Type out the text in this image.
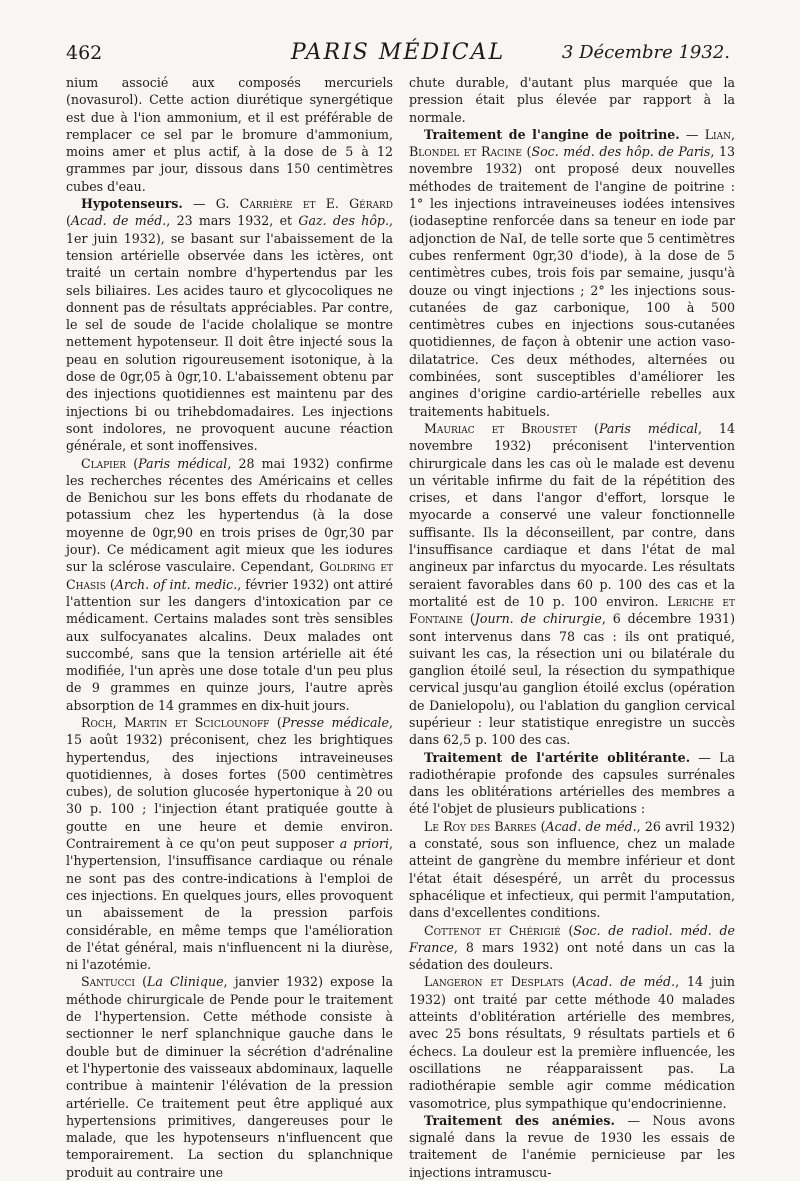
462	PARIS MÉDICAL	3 Décembre 1932.

nium associé aux composés mercuriels (novasurol). Cette action diurétique synergétique est due à l'ion ammonium, et il est préférable de remplacer ce sel par le bromure d'ammonium, moins amer et plus actif, à la dose de 5 à 12 grammes par jour, dissous dans 150 centimètres cubes d'eau.

Hypotenseurs. — G. Carrière et E. Gérard (Acad. de méd., 23 mars 1932, et Gaz. des hôp., 1er juin 1932), se basant sur l'abaissement de la tension artérielle observée dans les ictères, ont traité un certain nombre d'hypertendus par les sels biliaires. Les acides tauro et glycocoliques ne donnent pas de résultats appréciables. Par contre, le sel de soude de l'acide cholalique se montre nettement hypotenseur. Il doit être injecté sous la peau en solution rigoureusement isotonique, à la dose de 0gr,05 à 0gr,10. L'abaissement obtenu par des injections quotidiennes est maintenu par des injections bi ou trihebdomadaires. Les injections sont indolores, ne provoquent aucune réaction générale, et sont inoffensives.

Clapier (Paris médical, 28 mai 1932) confirme les recherches récentes des Américains et celles de Benichou sur les bons effets du rhodanate de potassium chez les hypertendus (à la dose moyenne de 0gr,90 en trois prises de 0gr,30 par jour). Ce médicament agit mieux que les iodures sur la sclérose vasculaire. Cependant, Goldring et Chasis (Arch. of int. medic., février 1932) ont attiré l'attention sur les dangers d'intoxication par ce médicament. Certains malades sont très sensibles aux sulfocyanates alcalins. Deux malades ont succombé, sans que la tension artérielle ait été modifiée, l'un après une dose totale d'un peu plus de 9 grammes en quinze jours, l'autre après absorption de 14 grammes en dix-huit jours.

Roch, Martin et Sciclounoff (Presse médicale, 15 août 1932) préconisent, chez les brightiques hypertendus, des injections intraveineuses quotidiennes, à doses fortes (500 centimètres cubes), de solution glucosée hypertonique à 20 ou 30 p. 100 ; l'injection étant pratiquée goutte à goutte en une heure et demie environ. Contrairement à ce qu'on peut supposer a priori, l'hypertension, l'insuffisance cardiaque ou rénale ne sont pas des contre-indications à l'emploi de ces injections. En quelques jours, elles provoquent un abaissement de la pression parfois considérable, en même temps que l'amélioration de l'état général, mais n'influencent ni la diurèse, ni l'azotémie.

Santucci (La Clinique, janvier 1932) expose la méthode chirurgicale de Pende pour le traitement de l'hypertension. Cette méthode consiste à sectionner le nerf splanchnique gauche dans le double but de diminuer la sécrétion d'adrénaline et l'hypertonie des vaisseaux abdominaux, laquelle contribue à maintenir l'élévation de la pression artérielle. Ce traitement peut être appliqué aux hypertensions primitives, dangereuses pour le malade, que les hypotenseurs n'influencent que temporairement. La section du splanchnique produit au contraire une

chute durable, d'autant plus marquée que la pression était plus élevée par rapport à la normale.

Traitement de l'angine de poitrine. — Lian, Blondel et Racine (Soc. méd. des hôp. de Paris, 13 novembre 1932) ont proposé deux nouvelles méthodes de traitement de l'angine de poitrine : 1° les injections intraveineuses iodées intensives (iodaseptine renforcée dans sa teneur en iode par adjonction de NaI, de telle sorte que 5 centimètres cubes renferment 0gr,30 d'iode), à la dose de 5 centimètres cubes, trois fois par semaine, jusqu'à douze ou vingt injections ; 2° les injections sous-cutanées de gaz carbonique, 100 à 500 centimètres cubes en injections sous-cutanées quotidiennes, de façon à obtenir une action vaso-dilatatrice. Ces deux méthodes, alternées ou combinées, sont susceptibles d'améliorer les angines d'origine cardio-artérielle rebelles aux traitements habituels.

Mauriac et Broustet (Paris médical, 14 novembre 1932) préconisent l'intervention chirurgicale dans les cas où le malade est devenu un véritable infirme du fait de la répétition des crises, et dans l'angor d'effort, lorsque le myocarde a conservé une valeur fonctionnelle suffisante. Ils la déconseillent, par contre, dans l'insuffisance cardiaque et dans l'état de mal angineux par infarctus du myocarde. Les résultats seraient favorables dans 60 p. 100 des cas et la mortalité est de 10 p. 100 environ. Leriche et Fontaine (Journ. de chirurgie, 6 décembre 1931) sont intervenus dans 78 cas : ils ont pratiqué, suivant les cas, la résection uni ou bilatérale du ganglion étoilé seul, la résection du sympathique cervical jusqu'au ganglion étoilé exclus (opération de Danielopolu), ou l'ablation du ganglion cervical supérieur : leur statistique enregistre un succès dans 62,5 p. 100 des cas.

Traitement de l'artérite oblitérante. — La radiothérapie profonde des capsules surrénales dans les oblitérations artérielles des membres a été l'objet de plusieurs publications :

Le Roy des Barres (Acad. de méd., 26 avril 1932) a constaté, sous son influence, chez un malade atteint de gangrène du membre inférieur et dont l'état était désespéré, un arrêt du processus sphacélique et infectieux, qui permit l'amputation, dans d'excellentes conditions.

Cottenot et Chérigié (Soc. de radiol. méd. de France, 8 mars 1932) ont noté dans un cas la sédation des douleurs.

Langeron et Desplats (Acad. de méd., 14 juin 1932) ont traité par cette méthode 40 malades atteints d'oblitération artérielle des membres, avec 25 bons résultats, 9 résultats partiels et 6 échecs. La douleur est la première influencée, les oscillations ne réapparaissent pas. La radiothérapie semble agir comme médication vasomotrice, plus sympathique qu'endocrinienne.

Traitement des anémies. — Nous avons signalé dans la revue de 1930 les essais de traitement de l'anémie pernicieuse par les injections intramuscu-
